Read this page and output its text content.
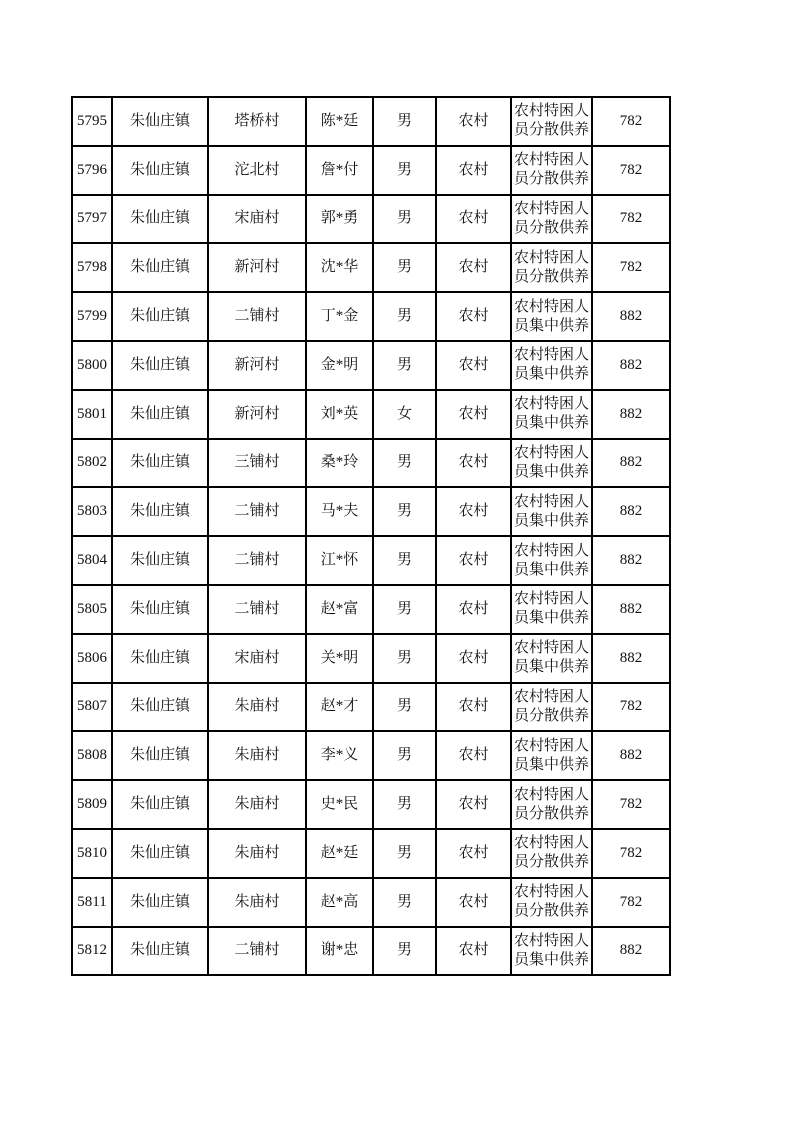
5795	朱仙庄镇	塔桥村	陈*廷	男	农村	农村特困人员分散供养	782
5796	朱仙庄镇	沱北村	詹*付	男	农村	农村特困人员分散供养	782
5797	朱仙庄镇	宋庙村	郭*勇	男	农村	农村特困人员分散供养	782
5798	朱仙庄镇	新河村	沈*华	男	农村	农村特困人员分散供养	782
5799	朱仙庄镇	二铺村	丁*金	男	农村	农村特困人员集中供养	882
5800	朱仙庄镇	新河村	金*明	男	农村	农村特困人员集中供养	882
5801	朱仙庄镇	新河村	刘*英	女	农村	农村特困人员集中供养	882
5802	朱仙庄镇	三铺村	桑*玲	男	农村	农村特困人员集中供养	882
5803	朱仙庄镇	二铺村	马*夫	男	农村	农村特困人员集中供养	882
5804	朱仙庄镇	二铺村	江*怀	男	农村	农村特困人员集中供养	882
5805	朱仙庄镇	二铺村	赵*富	男	农村	农村特困人员集中供养	882
5806	朱仙庄镇	宋庙村	关*明	男	农村	农村特困人员集中供养	882
5807	朱仙庄镇	朱庙村	赵*才	男	农村	农村特困人员分散供养	782
5808	朱仙庄镇	朱庙村	李*义	男	农村	农村特困人员集中供养	882
5809	朱仙庄镇	朱庙村	史*民	男	农村	农村特困人员分散供养	782
5810	朱仙庄镇	朱庙村	赵*廷	男	农村	农村特困人员分散供养	782
5811	朱仙庄镇	朱庙村	赵*高	男	农村	农村特困人员分散供养	782
5812	朱仙庄镇	二铺村	谢*忠	男	农村	农村特困人员集中供养	882
